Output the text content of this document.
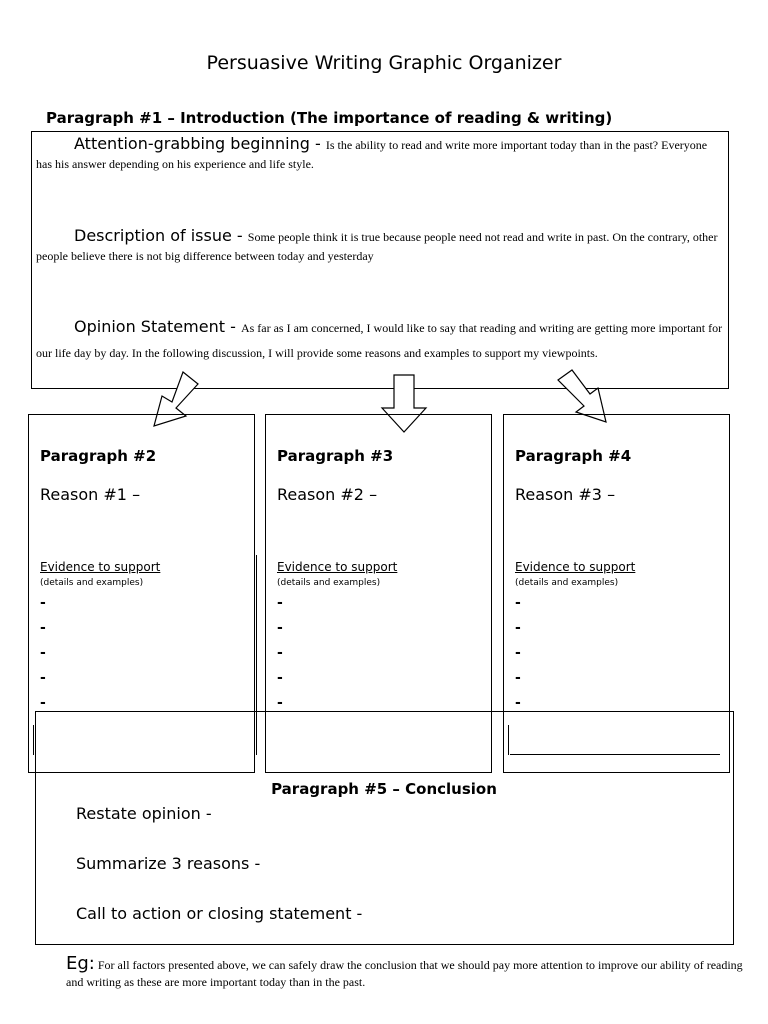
Persuasive Writing Graphic Organizer
Paragraph #1 – Introduction (The importance of reading & writing)
Attention-grabbing beginning - Is the ability to read and write more important today than in the past? Everyone has his answer depending on his experience and life style.
Description of issue - Some people think it is true because people need not read and write in past. On the contrary, other people believe there is not big difference between today and yesterday
Opinion Statement - As far as I am concerned, I would like to say that reading and writing are getting more important for our life day by day. In the following discussion, I will provide some reasons and examples to support my viewpoints.
Paragraph #2
Reason #1 –
Evidence to support
(details and examples)
-
-
-
-
-
Paragraph #3
Reason #2 –
Evidence to support
(details and examples)
-
-
-
-
-
Paragraph #4
Reason #3 –
Evidence to support
(details and examples)
-
-
-
-
-
Paragraph #5 – Conclusion
Restate opinion -
Summarize 3 reasons -
Call to action or closing statement -
Eg: For all factors presented above, we can safely draw the conclusion that we should pay more attention to improve our ability of reading and writing as these are more important today than in the past.
